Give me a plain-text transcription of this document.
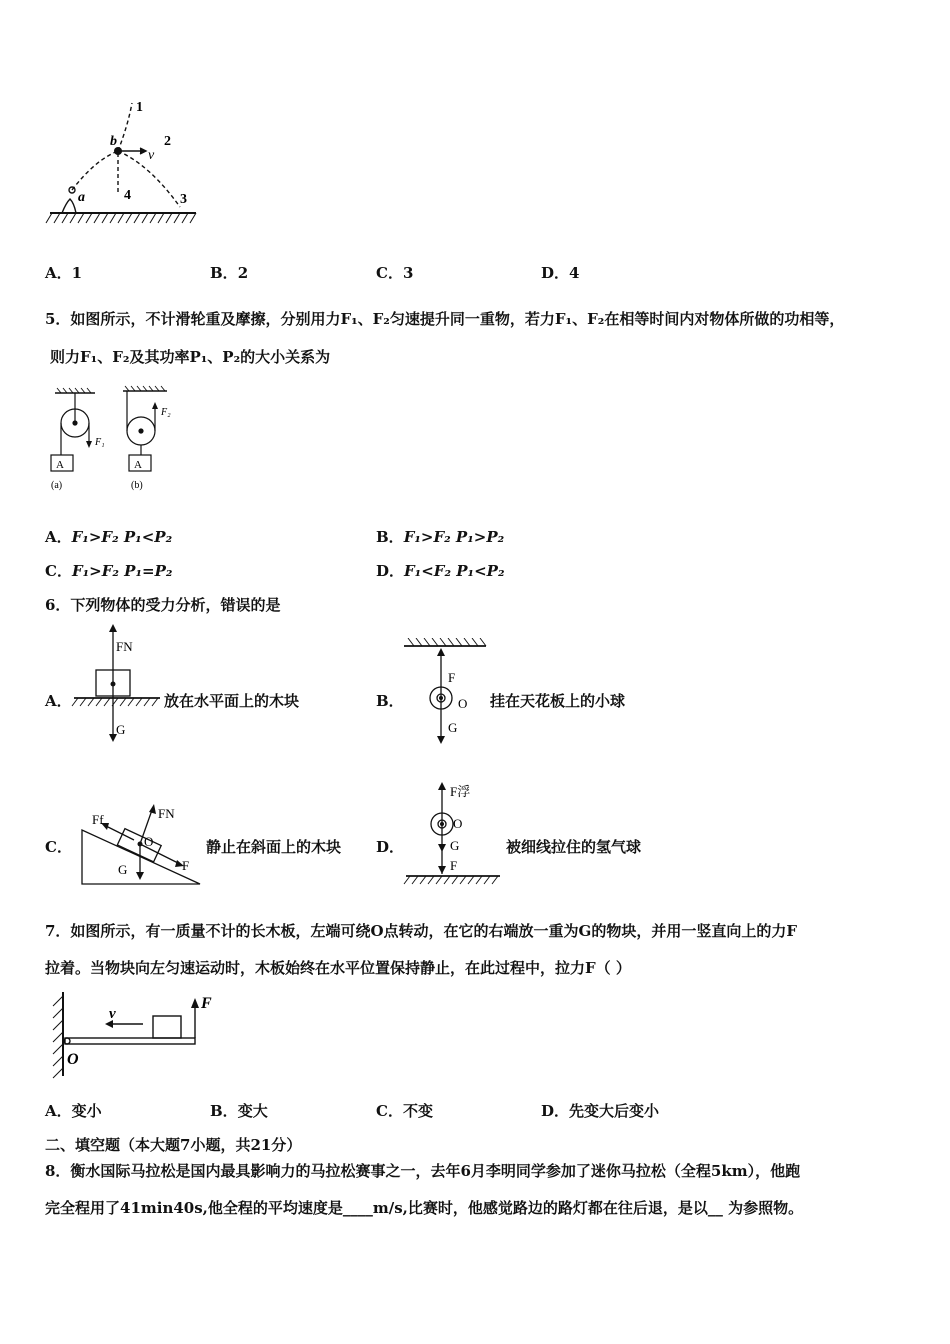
1
2
3
4
a
b
v
A．1	B．2	C．3	D．4
5．如图所示，不计滑轮重及摩擦，分别用力F₁、F₂匀速提升同一重物，若力F₁、F₂在相等时间内对物体所做的功相等，
则力F₁、F₂及其功率P₁、P₂的大小关系为
A	A
F₁
F₂
(a)	(b)
A．F₁>F₂ P₁<P₂	B．F₁>F₂ P₁>P₂
C．F₁>F₂ P₁=P₂	D．F₁<F₂ P₁<P₂
6．下列物体的受力分析，错误的是
A．
FN
G
放在水平面上的木块	B．
F
O
G
挂在天花板上的小球
C．
Ff	FN
O
G	F
静止在斜面上的木块 D．
F浮
O
G
F
被细线拉住的氢气球
7．如图所示，有一质量不计的长木板，左端可绕O点转动，在它的右端放一重为G的物块，并用一竖直向上的力F
拉着。当物块向左匀速运动时，木板始终在水平位置保持静止，在此过程中，拉力F（ ）
v
F
O
A．变小	B．变大	C．不变	D．先变大后变小
二、填空题（本大题7小题，共21分）
8．衡水国际马拉松是国内最具影响力的马拉松赛事之一，去年6月李明同学参加了迷你马拉松（全程5km），他跑
完全程用了41min40s,他全程的平均速度是____m/s,比赛时，他感觉路边的路灯都在往后退，是以__ 为参照物。
